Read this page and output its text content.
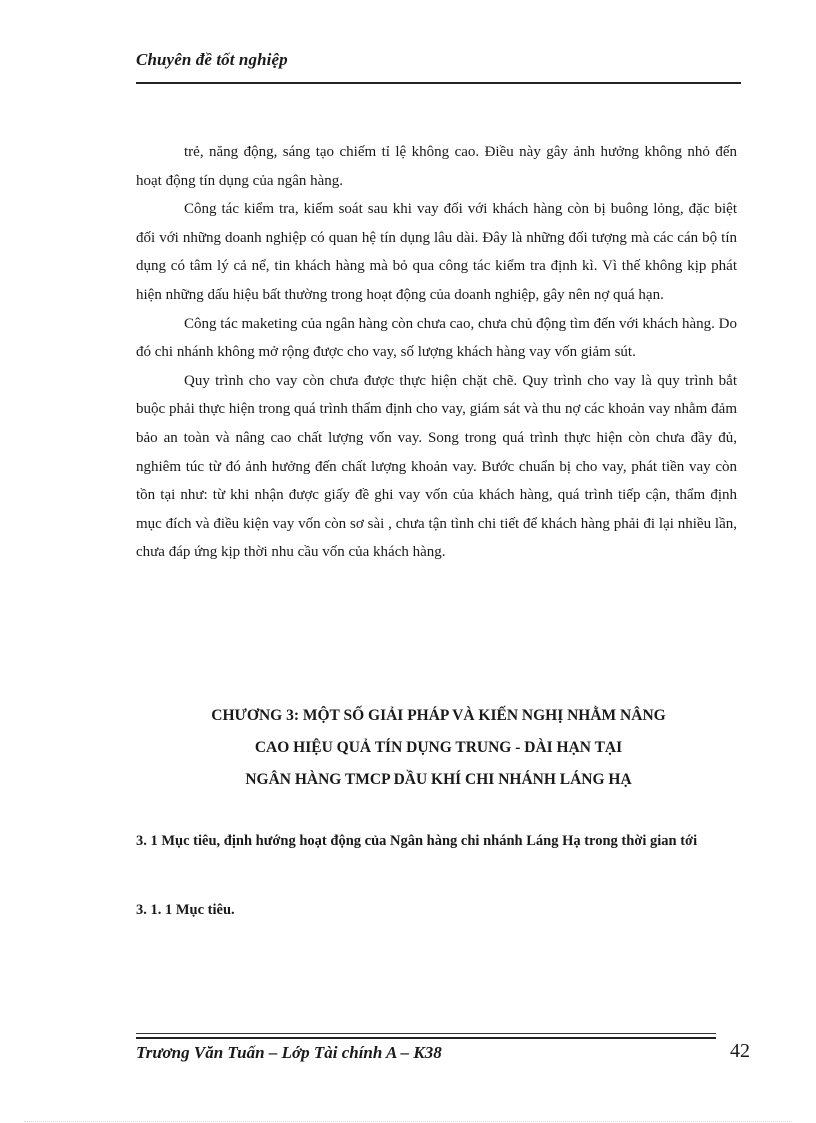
Chuyên đề tốt nghiệp

trẻ, năng động, sáng tạo chiếm tỉ lệ không cao. Điều này gây ảnh hưởng không nhỏ đến hoạt động tín dụng của ngân hàng.

Công tác kiểm tra, kiểm soát sau khi vay đối với khách hàng còn bị buông lỏng, đặc biệt đối với những doanh nghiệp có quan hệ tín dụng lâu dài. Đây là những đối tượng mà các cán bộ tín dụng có tâm lý cả nể, tin khách hàng mà bỏ qua công tác kiểm tra định kì. Vì thế không kịp phát hiện những dấu hiệu bất thường trong hoạt động của doanh nghiệp, gây nên nợ quá hạn.

Công tác maketing của ngân hàng còn chưa cao, chưa chủ động tìm đến với khách hàng. Do đó chi nhánh không mở rộng được cho vay, số lượng khách hàng vay vốn giảm sút.

Quy trình cho vay còn chưa được thực hiện chặt chẽ. Quy trình cho vay là quy trình bắt buộc phải thực hiện trong quá trình thẩm định cho vay, giám sát và thu nợ các khoản vay nhằm đảm bảo an toàn và nâng cao chất lượng vốn vay. Song trong quá trình thực hiện còn chưa đầy đủ, nghiêm túc từ đó ảnh hưởng đến chất lượng khoản vay. Bước chuẩn bị cho vay, phát tiền vay còn tồn tại như: từ khi nhận được giấy đề ghi vay vốn của khách hàng, quá trình tiếp cận, thẩm định mục đích và điều kiện vay vốn còn sơ sài , chưa tận tình chi tiết để khách hàng phải đi lại nhiều lần, chưa đáp ứng kịp thời nhu cầu vốn của khách hàng.

CHƯƠNG 3: MỘT SỐ GIẢI PHÁP VÀ KIẾN NGHỊ NHẰM NÂNG
CAO HIỆU QUẢ TÍN DỤNG TRUNG - DÀI HẠN TẠI
NGÂN HÀNG TMCP DẦU KHÍ CHI NHÁNH LÁNG HẠ
3. 1 Mục tiêu, định hướng hoạt động của Ngân hàng chi nhánh Láng Hạ trong thời gian tới
3. 1. 1 Mục tiêu.
Trương Văn Tuấn – Lớp Tài chính A – K38	42
